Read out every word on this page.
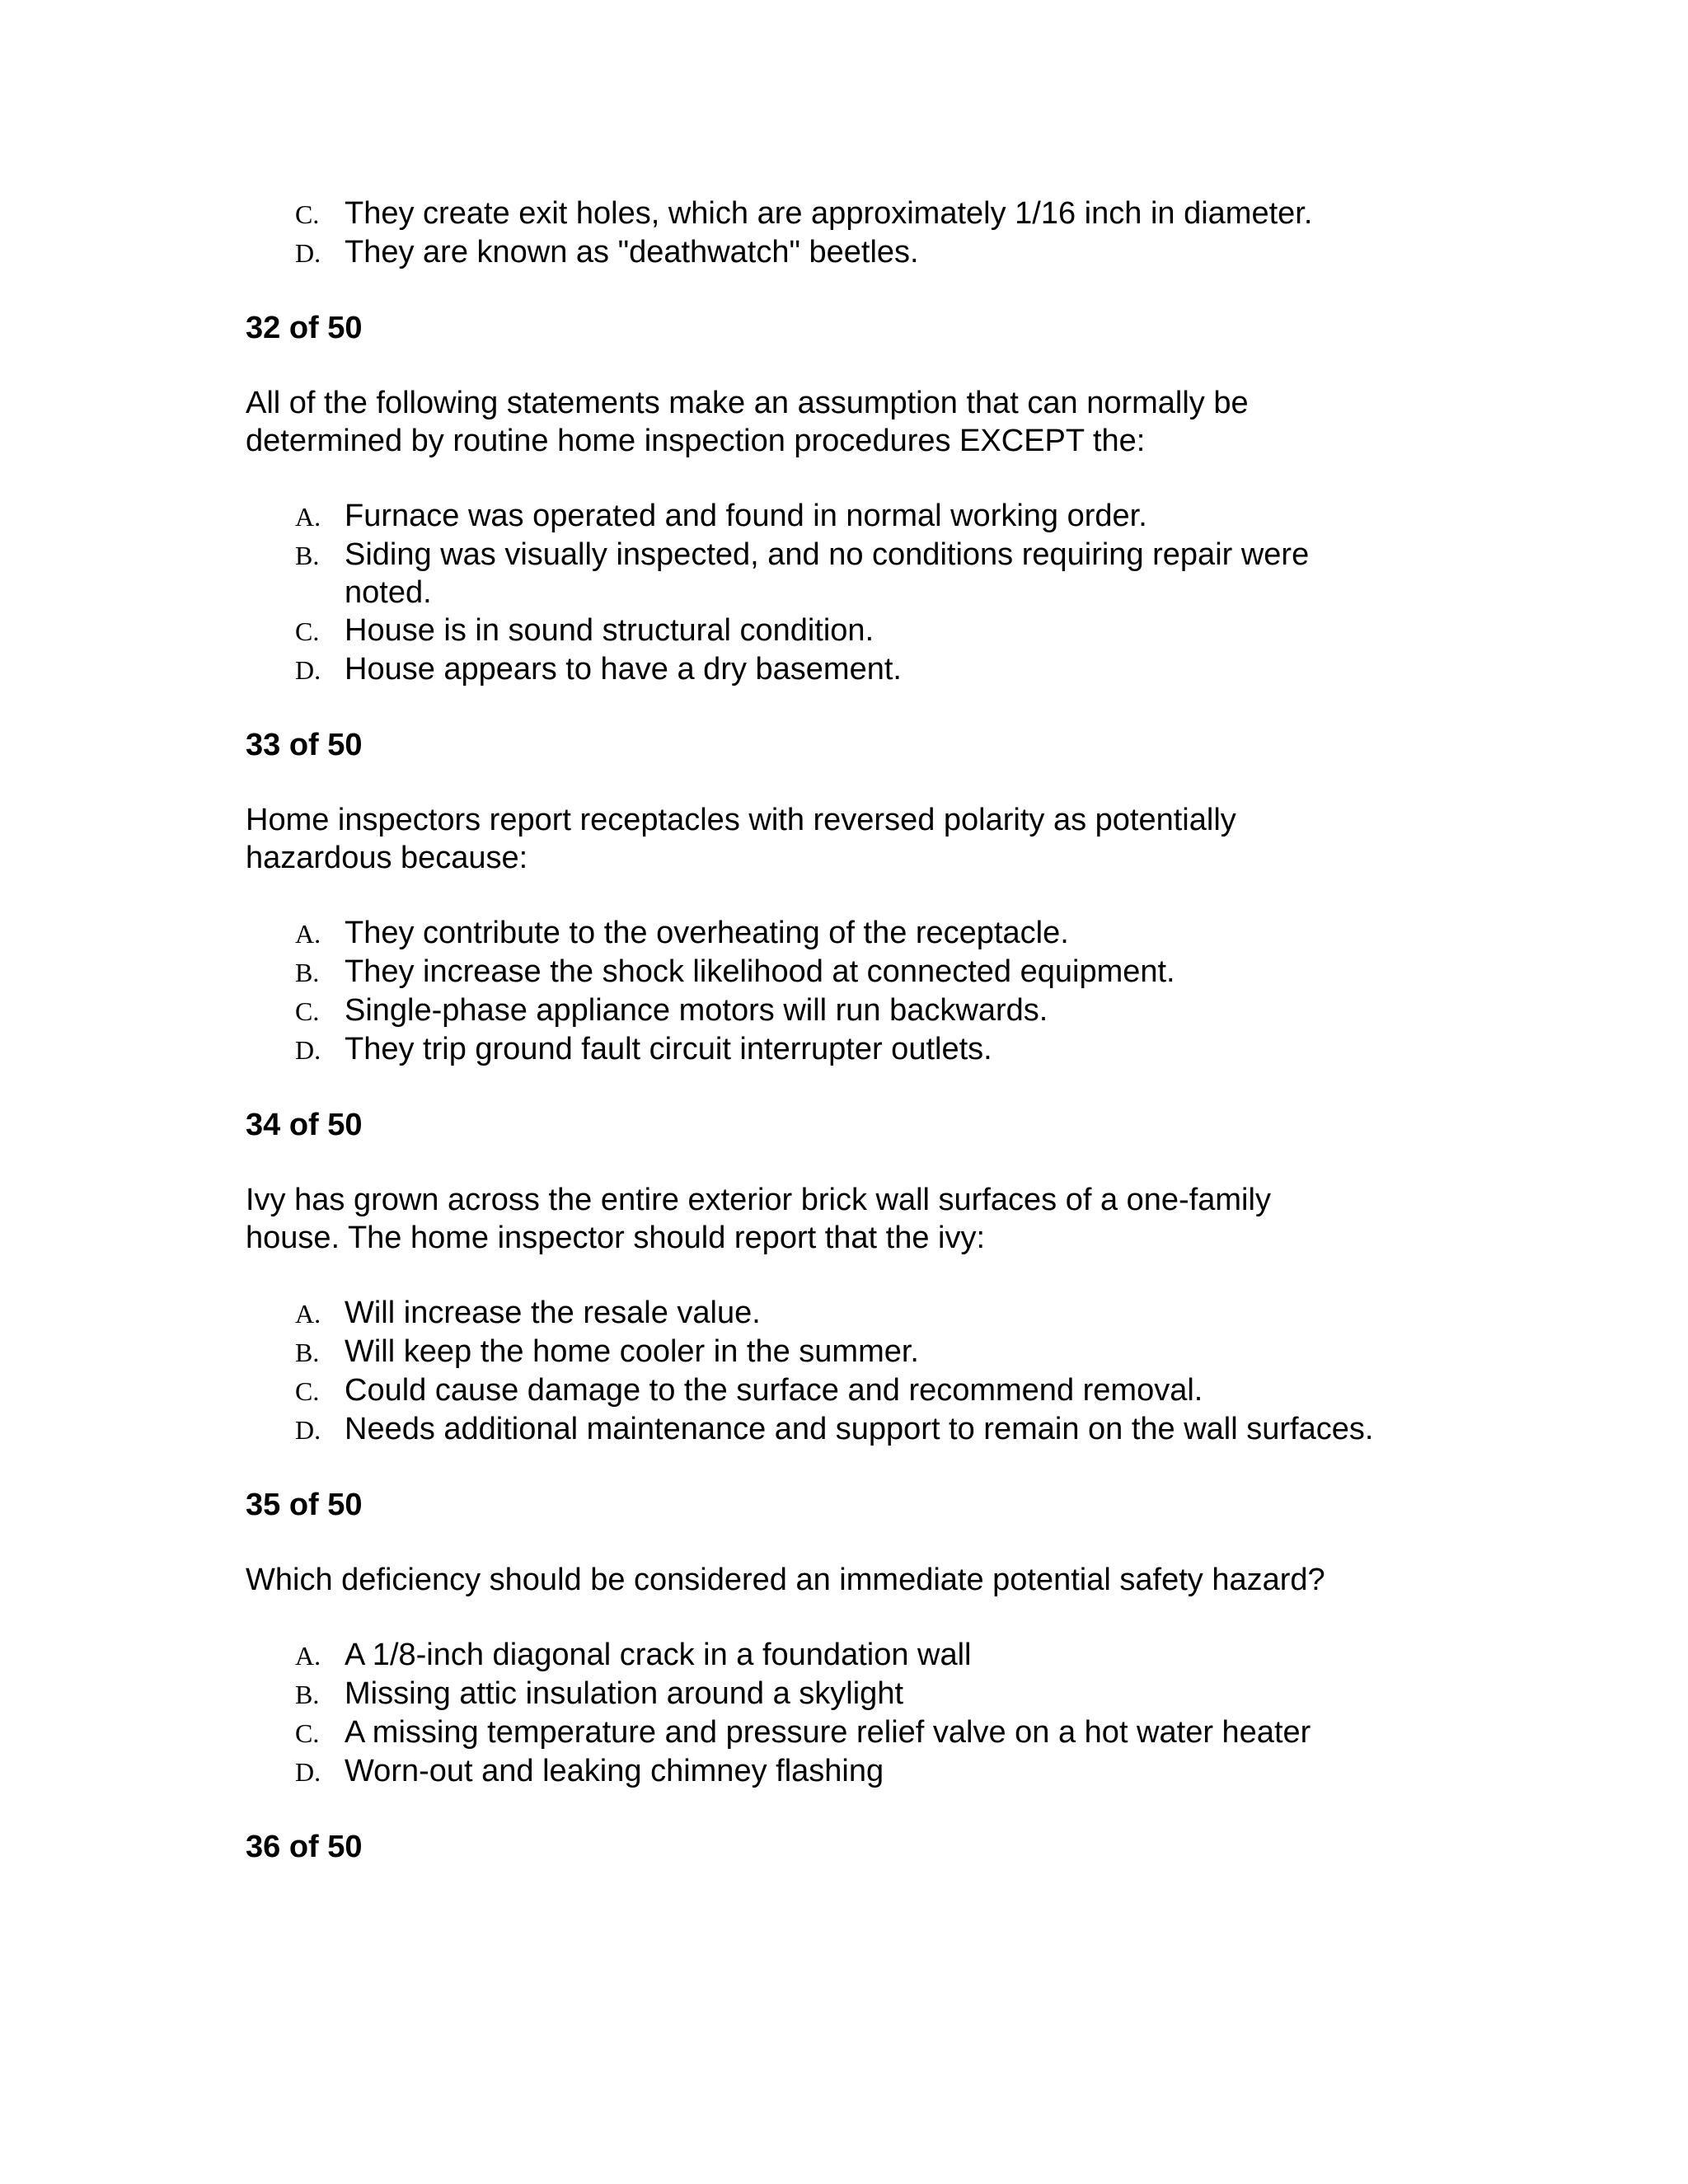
C. They create exit holes, which are approximately 1/16 inch in diameter.
D. They are known as "deathwatch" beetles.
32 of 50
All of the following statements make an assumption that can normally be determined by routine home inspection procedures EXCEPT the:
A. Furnace was operated and found in normal working order.
B. Siding was visually inspected, and no conditions requiring repair were noted.
C. House is in sound structural condition.
D. House appears to have a dry basement.
33 of 50
Home inspectors report receptacles with reversed polarity as potentially hazardous because:
A. They contribute to the overheating of the receptacle.
B. They increase the shock likelihood at connected equipment.
C. Single-phase appliance motors will run backwards.
D. They trip ground fault circuit interrupter outlets.
34 of 50
Ivy has grown across the entire exterior brick wall surfaces of a one-family house. The home inspector should report that the ivy:
A. Will increase the resale value.
B. Will keep the home cooler in the summer.
C. Could cause damage to the surface and recommend removal.
D. Needs additional maintenance and support to remain on the wall surfaces.
35 of 50
Which deficiency should be considered an immediate potential safety hazard?
A. A 1/8-inch diagonal crack in a foundation wall
B. Missing attic insulation around a skylight
C. A missing temperature and pressure relief valve on a hot water heater
D. Worn-out and leaking chimney flashing
36 of 50
